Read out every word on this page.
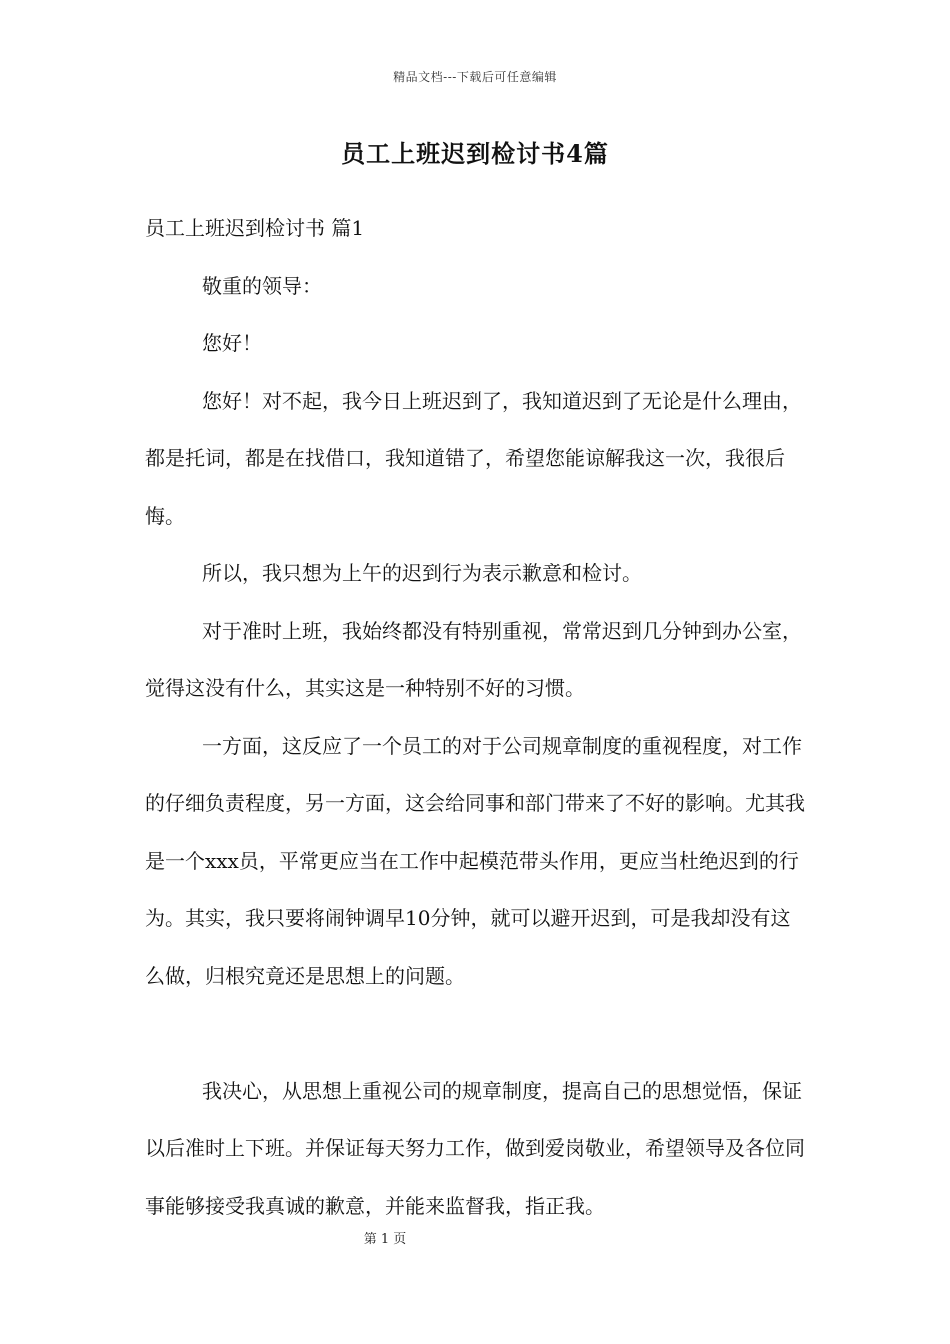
精品文档---下载后可任意编辑
员工上班迟到检讨书4篇

员工上班迟到检讨书 篇1

敬重的领导：

您好！

您好！对不起，我今日上班迟到了，我知道迟到了无论是什么理由，都是托词，都是在找借口，我知道错了，希望您能谅解我这一次，我很后悔。

所以，我只想为上午的迟到行为表示歉意和检讨。

对于准时上班，我始终都没有特别重视，常常迟到几分钟到办公室，觉得这没有什么，其实这是一种特别不好的习惯。

一方面，这反应了一个员工的对于公司规章制度的重视程度，对工作的仔细负责程度，另一方面，这会给同事和部门带来了不好的影响。尤其我是一个xxx员，平常更应当在工作中起模范带头作用，更应当杜绝迟到的行为。其实，我只要将闹钟调早10分钟，就可以避开迟到，可是我却没有这么做，归根究竟还是思想上的问题。

我决心，从思想上重视公司的规章制度，提高自己的思想觉悟，保证以后准时上下班。并保证每天努力工作，做到爱岗敬业，希望领导及各位同事能够接受我真诚的歉意，并能来监督我，指正我。

第 1 页
